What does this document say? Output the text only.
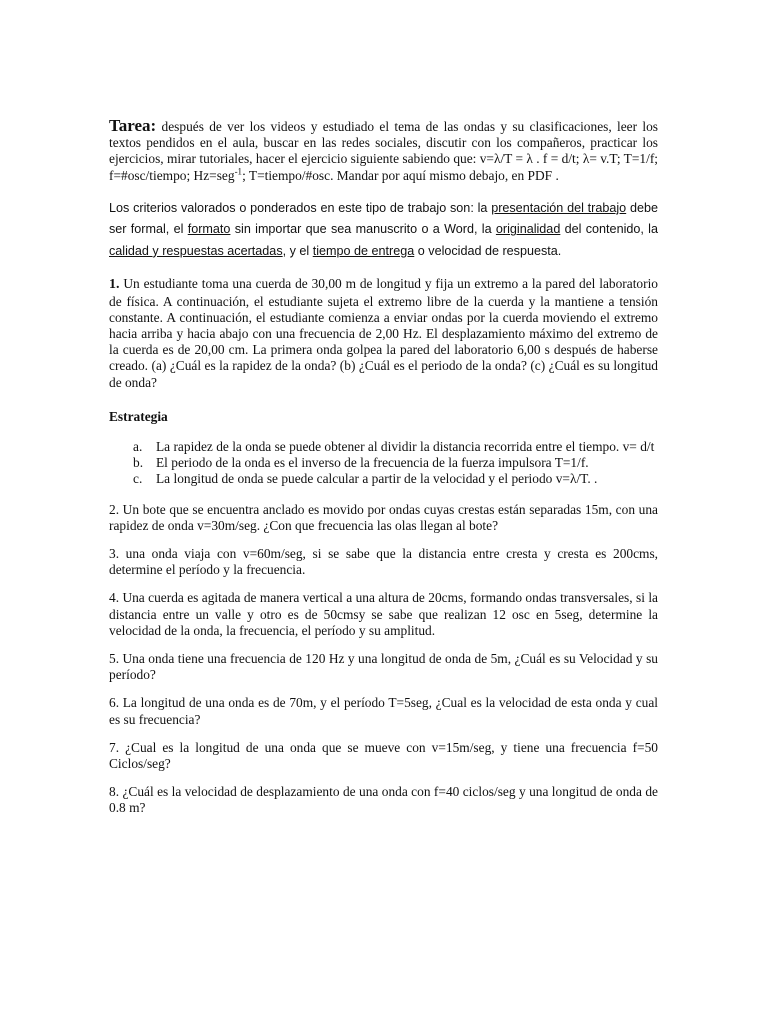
Tarea: después de ver los videos y estudiado el tema de las ondas y su clasificaciones, leer los textos pendidos en el aula, buscar en las redes sociales, discutir con los compañeros, practicar los ejercicios, mirar tutoriales, hacer el ejercicio siguiente sabiendo que: v=λ/T = λ . f = d/t; λ= v.T; T=1/f; f=#osc/tiempo; Hz=seg$^{-1}$; T=tiempo/#osc. Mandar por aquí mismo debajo, en PDF .

Los criterios valorados o ponderados en este tipo de trabajo son: la presentación del trabajo debe ser formal, el formato sin importar que sea manuscrito o a Word, la originalidad del contenido, la calidad y respuestas acertadas, y el tiempo de entrega o velocidad de respuesta.

1. Un estudiante toma una cuerda de 30,00 m de longitud y fija un extremo a la pared del laboratorio de física. A continuación, el estudiante sujeta el extremo libre de la cuerda y la mantiene a tensión constante. A continuación, el estudiante comienza a enviar ondas por la cuerda moviendo el extremo hacia arriba y hacia abajo con una frecuencia de 2,00 Hz. El desplazamiento máximo del extremo de la cuerda es de 20,00 cm. La primera onda golpea la pared del laboratorio 6,00 s después de haberse creado. (a) ¿Cuál es la rapidez de la onda? (b) ¿Cuál es el periodo de la onda? (c) ¿Cuál es su longitud de onda?

Estrategia

a. La rapidez de la onda se puede obtener al dividir la distancia recorrida entre el tiempo. v= d/t
b. El periodo de la onda es el inverso de la frecuencia de la fuerza impulsora T=1/f.
c. La longitud de onda se puede calcular a partir de la velocidad y el periodo v=λ/T. .

2. Un bote que se encuentra anclado es movido por ondas cuyas crestas están separadas 15m, con una rapidez de onda v=30m/seg. ¿Con que frecuencia las olas llegan al bote?

3. una onda viaja con v=60m/seg, si se sabe que la distancia entre cresta y cresta es 200cms, determine el período y la frecuencia.

4. Una cuerda es agitada de manera vertical a una altura de 20cms, formando ondas transversales, si la distancia entre un valle y otro es de 50cmsy se sabe que realizan 12 osc en 5seg, determine la velocidad de la onda, la frecuencia, el período y su amplitud.

5. Una onda tiene una frecuencia de 120 Hz y una longitud de onda de 5m, ¿Cuál es su Velocidad y su período?

6. La longitud de una onda es de 70m, y el período T=5seg, ¿Cual es la velocidad de esta onda y cual es su frecuencia?

7. ¿Cual es la longitud de una onda que se mueve con v=15m/seg, y tiene una frecuencia f=50 Ciclos/seg?

8. ¿Cuál es la velocidad de desplazamiento de una onda con f=40 ciclos/seg y una longitud de onda de 0.8 m?
